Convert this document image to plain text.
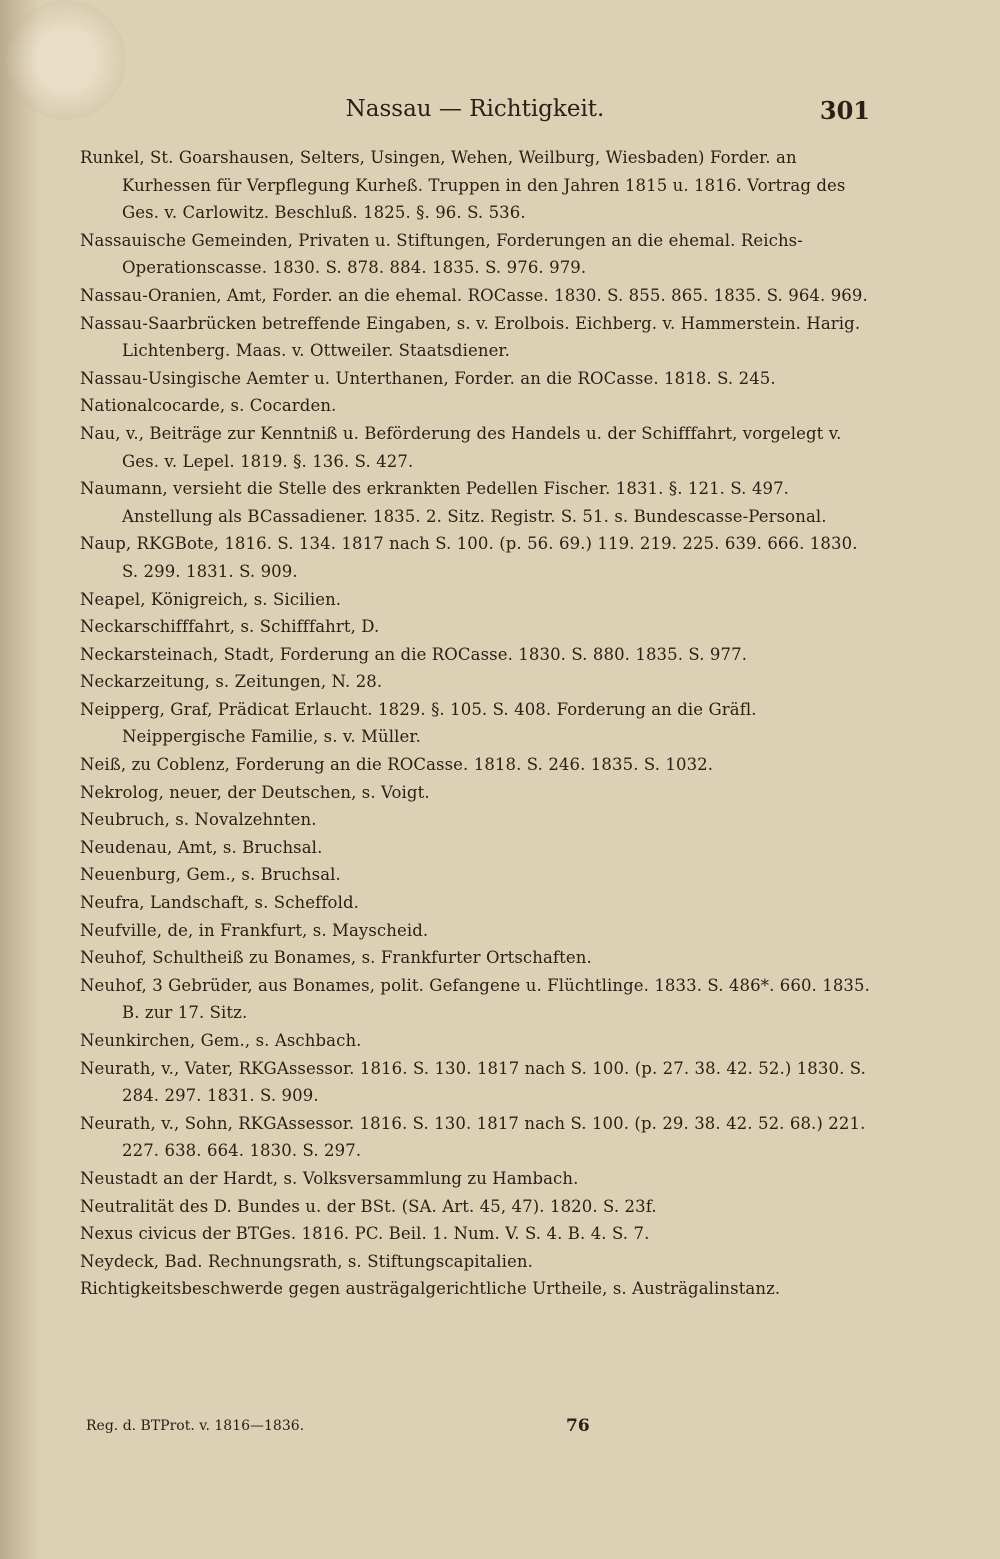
Nassau — Richtigkeit.	301

Runkel, St. Goarshausen, Selters, Usingen, Wehen, Weilburg, Wiesbaden) Forder. an Kurhessen für Verpflegung Kurheß. Truppen in den Jahren 1815 u. 1816. Vortrag des Ges. v. Carlowitz. Beschluß. 1825. §. 96. S. 536.

Nassauische Gemeinden, Privaten u. Stiftungen, Forderungen an die ehemal. Reichs-Operationscasse. 1830. S. 878. 884. 1835. S. 976. 979.

Nassau-Oranien, Amt, Forder. an die ehemal. ROCasse. 1830. S. 855. 865. 1835. S. 964. 969.

Nassau-Saarbrücken betreffende Eingaben, s. v. Erolbois. Eichberg. v. Hammerstein. Harig. Lichtenberg. Maas. v. Ottweiler. Staatsdiener.

Nassau-Usingische Aemter u. Unterthanen, Forder. an die ROCasse. 1818. S. 245.

Nationalcocarde, s. Cocarden.

Nau, v., Beiträge zur Kenntniß u. Beförderung des Handels u. der Schifffahrt, vorgelegt v. Ges. v. Lepel. 1819. §. 136. S. 427.

Naumann, versieht die Stelle des erkrankten Pedellen Fischer. 1831. §. 121. S. 497. Anstellung als BCassadiener. 1835. 2. Sitz. Registr. S. 51. s. Bundescasse-Personal.

Naup, RKGBote, 1816. S. 134. 1817 nach S. 100. (p. 56. 69.) 119. 219. 225. 639. 666. 1830. S. 299. 1831. S. 909.

Neapel, Königreich, s. Sicilien.

Neckarschifffahrt, s. Schifffahrt, D.

Neckarsteinach, Stadt, Forderung an die ROCasse. 1830. S. 880. 1835. S. 977.

Neckarzeitung, s. Zeitungen, N. 28.

Neipperg, Graf, Prädicat Erlaucht. 1829. §. 105. S. 408. Forderung an die Gräfl. Neippergische Familie, s. v. Müller.

Neiß, zu Coblenz, Forderung an die ROCasse. 1818. S. 246. 1835. S. 1032.

Nekrolog, neuer, der Deutschen, s. Voigt.

Neubruch, s. Novalzehnten.

Neudenau, Amt, s. Bruchsal.

Neuenburg, Gem., s. Bruchsal.

Neufra, Landschaft, s. Scheffold.

Neufville, de, in Frankfurt, s. Mayscheid.

Neuhof, Schultheiß zu Bonames, s. Frankfurter Ortschaften.

Neuhof, 3 Gebrüder, aus Bonames, polit. Gefangene u. Flüchtlinge. 1833. S. 486*. 660. 1835. B. zur 17. Sitz.

Neunkirchen, Gem., s. Aschbach.

Neurath, v., Vater, RKGAssessor. 1816. S. 130. 1817 nach S. 100. (p. 27. 38. 42. 52.) 1830. S. 284. 297. 1831. S. 909.

Neurath, v., Sohn, RKGAssessor. 1816. S. 130. 1817 nach S. 100. (p. 29. 38. 42. 52. 68.) 221. 227. 638. 664. 1830. S. 297.

Neustadt an der Hardt, s. Volksversammlung zu Hambach.

Neutralität des D. Bundes u. der BSt. (SA. Art. 45, 47). 1820. S. 23f.

Nexus civicus der BTGes. 1816. PC. Beil. 1. Num. V. S. 4. B. 4. S. 7.

Neydeck, Bad. Rechnungsrath, s. Stiftungscapitalien.

Richtigkeitsbeschwerde gegen austrägalgerichtliche Urtheile, s. Austrägalinstanz.

Reg. d. BTProt. v. 1816—1836.	76
